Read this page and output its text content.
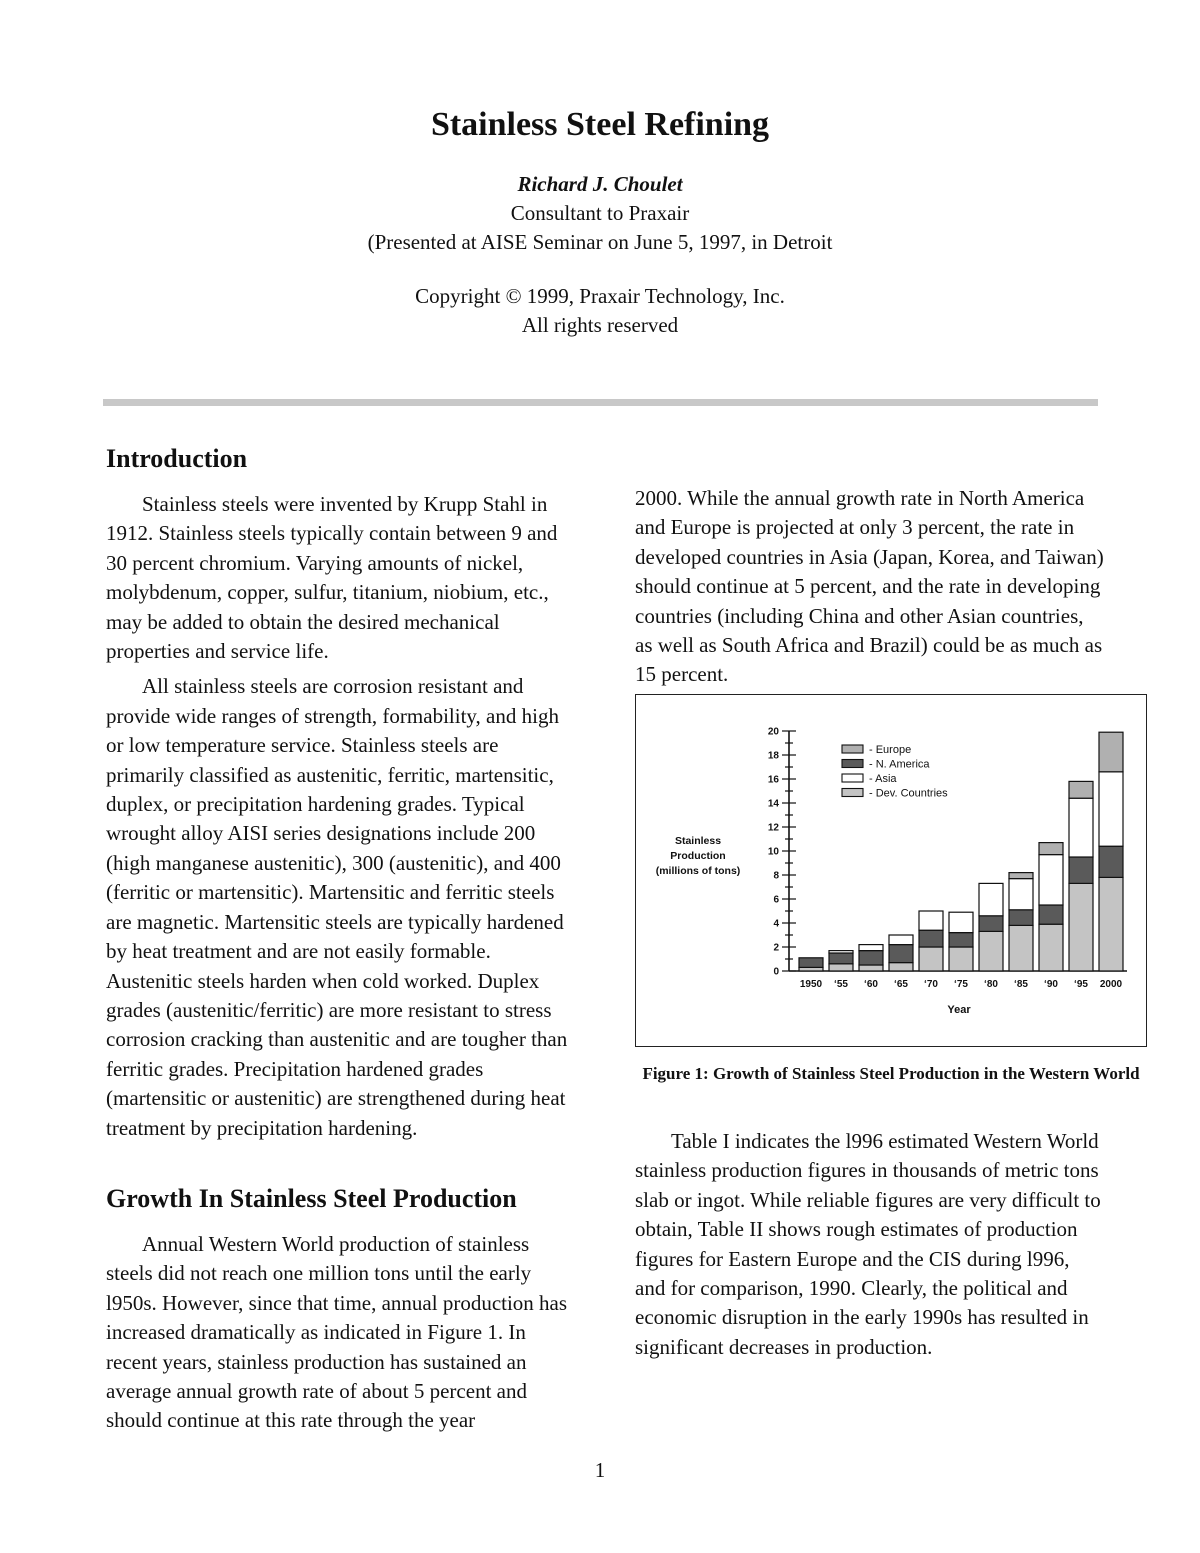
Stainless Steel Refining
Richard J. Choulet
Consultant to Praxair
(Presented at AISE Seminar on June 5, 1997, in Detroit
Copyright © 1999, Praxair Technology, Inc.
All rights reserved
Introduction

Stainless steels were invented by Krupp Stahl in 1912. Stainless steels typically contain between 9 and 30 percent chromium. Varying amounts of nickel, molybdenum, copper, sulfur, titanium, niobium, etc., may be added to obtain the desired mechanical properties and service life.

All stainless steels are corrosion resistant and provide wide ranges of strength, formability, and high or low temperature service. Stainless steels are primarily classified as austenitic, ferritic, martensitic, duplex, or precipitation hardening grades. Typical wrought alloy AISI series designations include 200 (high manganese austenitic), 300 (austenitic), and 400 (ferritic or martensitic). Martensitic and ferritic steels are magnetic. Martensitic steels are typically hardened by heat treatment and are not easily formable. Austenitic steels harden when cold worked. Duplex grades (austenitic/ferritic) are more resistant to stress corrosion cracking than austenitic and are tougher than ferritic grades. Precipitation hardened grades (martensitic or austenitic) are strengthened during heat treatment by precipitation hardening.

Growth In Stainless Steel Production

Annual Western World production of stainless steels did not reach one million tons until the early l950s. However, since that time, annual production has increased dramatically as indicated in Figure 1. In recent years, stainless production has sustained an average annual growth rate of about 5 percent and should continue at this rate through the year

2000. While the annual growth rate in North America and Europe is projected at only 3 percent, the rate in developed countries in Asia (Japan, Korea, and Taiwan) should continue at 5 percent, and the rate in developing countries (including China and other Asian countries, as well as South Africa and Brazil) could be as much as 15 percent.

0
2
4
6
8
10
12
14
16
18
20
Stainless
Production
(millions of tons)
1950 ‘55 ‘60 ‘65 ‘70 ‘75 ‘80 ‘85 ‘90 ‘95 2000
Year
- Europe
- N. America
- Asia
- Dev. Countries
Figure 1: Growth of Stainless Steel Production in the Western World

Table I indicates the l996 estimated Western World stainless production figures in thousands of metric tons slab or ingot. While reliable figures are very difficult to obtain, Table II shows rough estimates of production figures for Eastern Europe and the CIS during l996, and for comparison, 1990. Clearly, the political and economic disruption in the early 1990s has resulted in significant decreases in production.

1
